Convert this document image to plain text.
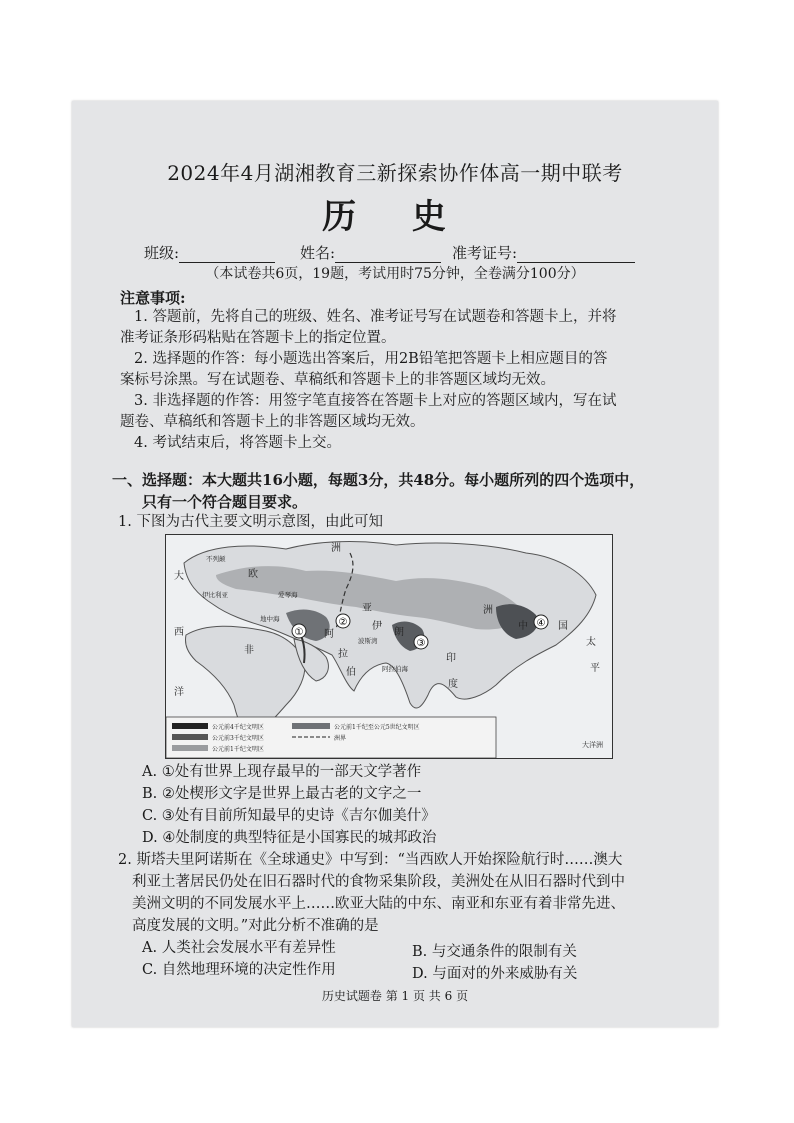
2024年4月湖湘教育三新探索协作体高一期中联考
历 史
班级:	姓名:	准考证号:
（本试卷共6页，19题，考试用时75分钟，全卷满分100分）
注意事项:
1. 答题前，先将自己的班级、姓名、准考证号写在试题卷和答题卡上，并将
准考证条形码粘贴在答题卡上的指定位置。
2. 选择题的作答：每小题选出答案后，用2B铅笔把答题卡上相应题目的答
案标号涂黑。写在试题卷、草稿纸和答题卡上的非答题区域均无效。
3. 非选择题的作答：用签字笔直接答在答题卡上对应的答题区域内，写在试
题卷、草稿纸和答题卡上的非答题区域均无效。
4. 考试结束后，将答题卡上交。
一、选择题：本大题共16小题，每题3分，共48分。每小题所列的四个选项中，
只有一个符合题目要求。
1. 下图为古代主要文明示意图，由此可知
①
②
③
④
欧
洲
亚
伊
朗
洲
大
西
非
阿
拉
伯
印
度
中	国
太
平
洋
地中海
伊比利亚
不列颠
爱琴海
波斯湾
阿拉伯海
公元前4千纪文明区
公元前3千纪文明区
公元前1千纪文明区
公元前1千纪至公元5世纪文明区
洲界
大洋洲
A. ①处有世界上现存最早的一部天文学著作
B. ②处楔形文字是世界上最古老的文字之一
C. ③处有目前所知最早的史诗《吉尔伽美什》
D. ④处制度的典型特征是小国寡民的城邦政治
2. 斯塔夫里阿诺斯在《全球通史》中写到：“当西欧人开始探险航行时……澳大
利亚土著居民仍处在旧石器时代的食物采集阶段，美洲处在从旧石器时代到中
美洲文明的不同发展水平上……欧亚大陆的中东、南亚和东亚有着非常先进、
高度发展的文明。”对此分析不准确的是
A. 人类社会发展水平有差异性	B. 与交通条件的限制有关
C. 自然地理环境的决定性作用	D. 与面对的外来威胁有关
历史试题卷 第 1 页 共 6 页
